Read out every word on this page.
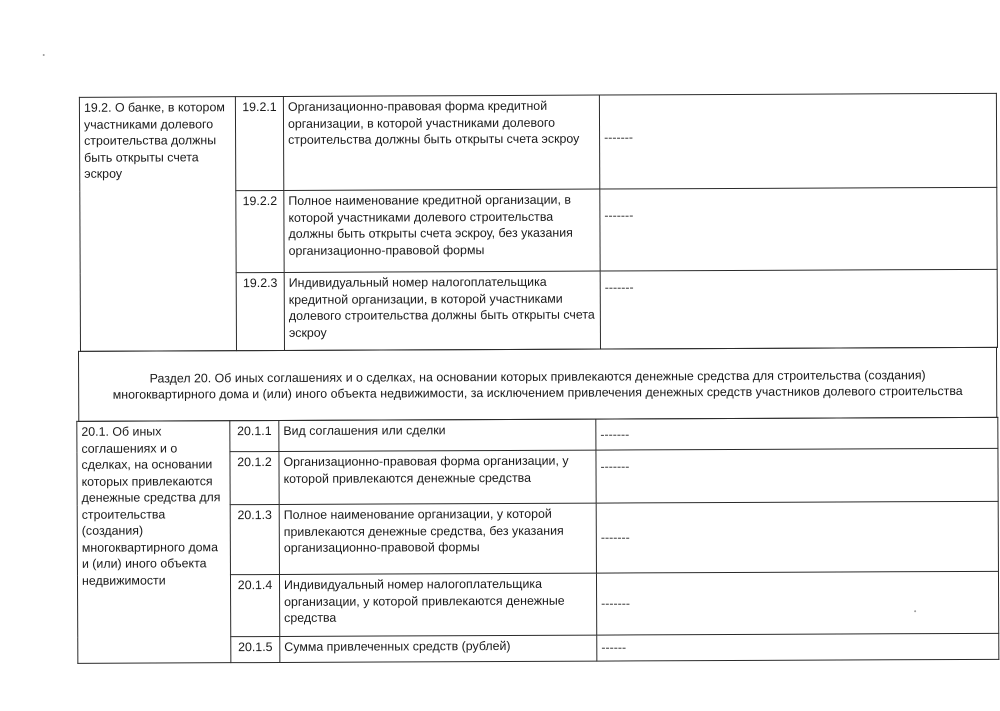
19.2. О банке, в котором участниками долевого строительства должны быть открыты счета эскроу	19.2.1	Организационно-правовая форма кредитной организации, в которой участниками долевого строительства должны быть открыты счета эскроу	-------
	19.2.2	Полное наименование кредитной организации, в которой участниками долевого строительства должны быть открыты счета эскроу, без указания организационно-правовой формы	-------
	19.2.3	Индивидуальный номер налогоплательщика кредитной организации, в которой участниками долевого строительства должны быть открыты счета эскроу	-------
Раздел 20. Об иных соглашениях и о сделках, на основании которых привлекаются денежные средства для строительства (создания) многоквартирного дома и (или) иного объекта недвижимости, за исключением привлечения денежных средств участников долевого строительства
20.1. Об иных соглашениях и о сделках, на основании которых привлекаются денежные средства для строительства (создания) многоквартирного дома и (или) иного объекта недвижимости	20.1.1	Вид соглашения или сделки	-------
	20.1.2	Организационно-правовая форма организации, у которой привлекаются денежные средства	-------
	20.1.3	Полное наименование организации, у которой привлекаются денежные средства, без указания организационно-правовой формы	-------
	20.1.4	Индивидуальный номер налогоплательщика организации, у которой привлекаются денежные средства	-------
	20.1.5	Сумма привлеченных средств (рублей)	------
